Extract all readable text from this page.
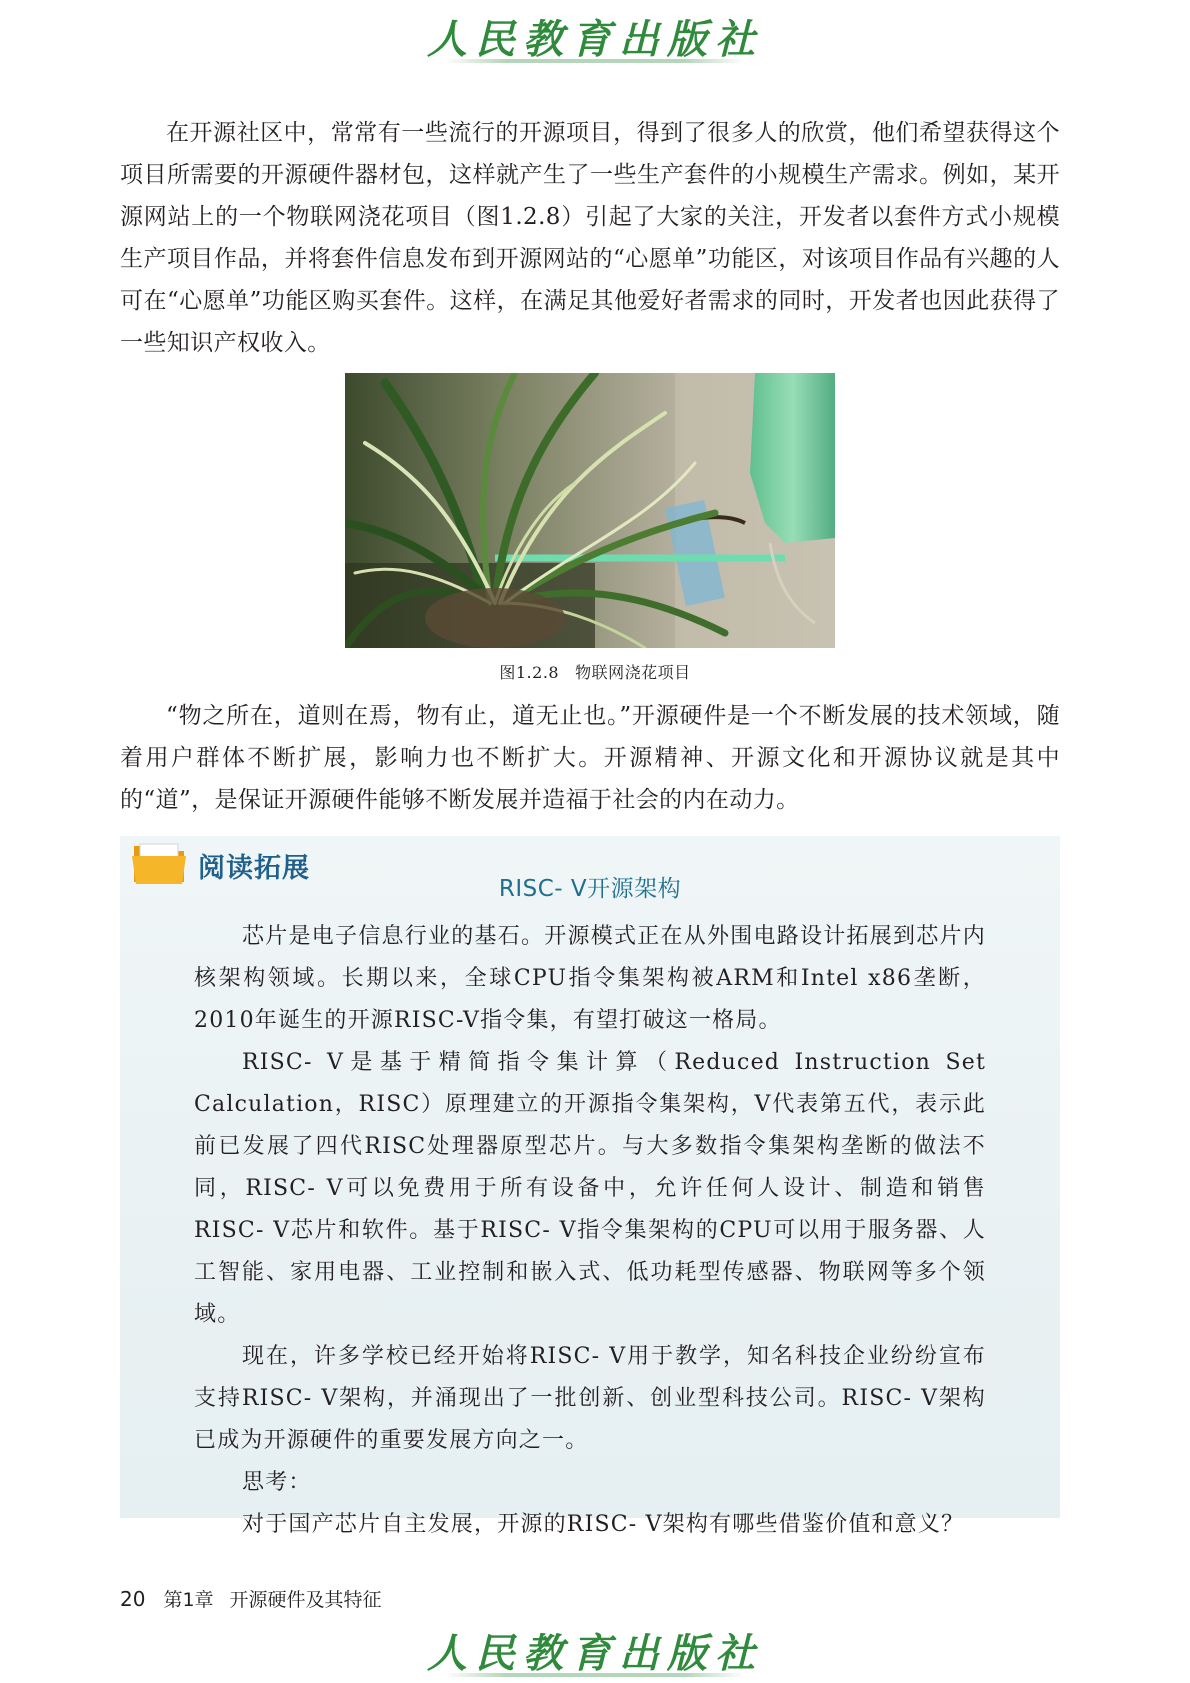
人民教育出版社

在开源社区中，常常有一些流行的开源项目，得到了很多人的欣赏，他们希望获得这个项目所需要的开源硬件器材包，这样就产生了一些生产套件的小规模生产需求。例如，某开源网站上的一个物联网浇花项目（图1.2.8）引起了大家的关注，开发者以套件方式小规模生产项目作品，并将套件信息发布到开源网站的“心愿单”功能区，对该项目作品有兴趣的人可在“心愿单”功能区购买套件。这样，在满足其他爱好者需求的同时，开发者也因此获得了一些知识产权收入。

图1.2.8 物联网浇花项目

“物之所在，道则在焉，物有止，道无止也。”开源硬件是一个不断发展的技术领域，随着用户群体不断扩展，影响力也不断扩大。开源精神、开源文化和开源协议就是其中的“道”，是保证开源硬件能够不断发展并造福于社会的内在动力。

阅读拓展
RISC- V开源架构

芯片是电子信息行业的基石。开源模式正在从外围电路设计拓展到芯片内核架构领域。长期以来，全球CPU指令集架构被ARM和Intel x86垄断，2010年诞生的开源RISC-V指令集，有望打破这一格局。

RISC- V是基于精简指令集计算（Reduced Instruction Set Calculation，RISC）原理建立的开源指令集架构，V代表第五代，表示此前已发展了四代RISC处理器原型芯片。与大多数指令集架构垄断的做法不同，RISC- V可以免费用于所有设备中，允许任何人设计、制造和销售RISC- V芯片和软件。基于RISC- V指令集架构的CPU可以用于服务器、人工智能、家用电器、工业控制和嵌入式、低功耗型传感器、物联网等多个领域。

现在，许多学校已经开始将RISC- V用于教学，知名科技企业纷纷宣布支持RISC- V架构，并涌现出了一批创新、创业型科技公司。RISC- V架构已成为开源硬件的重要发展方向之一。

思考：

对于国产芯片自主发展，开源的RISC- V架构有哪些借鉴价值和意义？

20 第1章 开源硬件及其特征
人民教育出版社
